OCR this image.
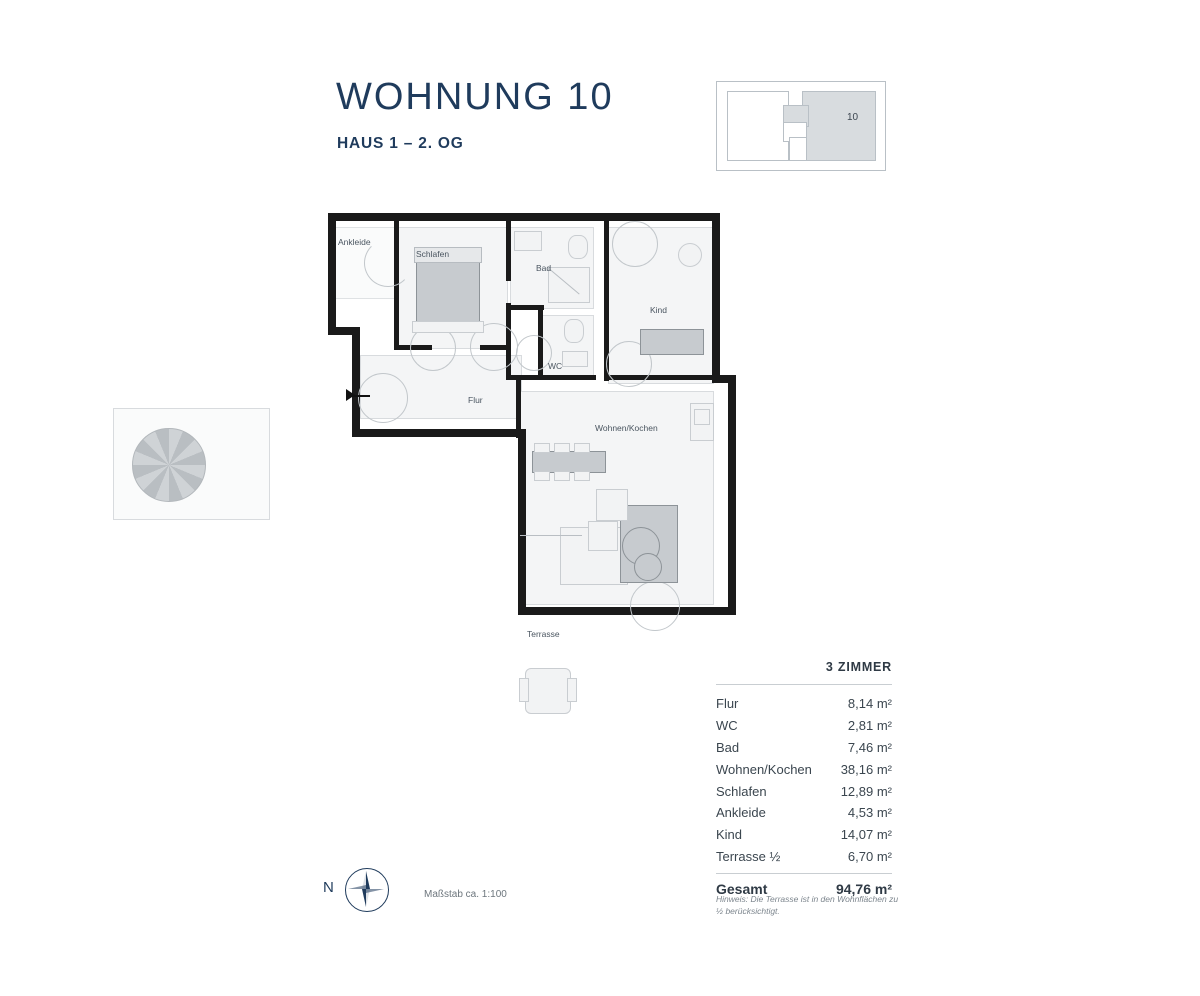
WOHNUNG 10
HAUS 1 – 2. OG
10
Ankleide
Schlafen
Bad
WC
Kind
Flur
Wohnen/Kochen
Terrasse
3 ZIMMER
Flur	8,14 m²
WC	2,81 m²
Bad	7,46 m²
Wohnen/Kochen	38,16 m²
Schlafen	12,89 m²
Ankleide	4,53 m²
Kind	14,07 m²
Terrasse ½	6,70 m²
Gesamt	94,76 m²
Hinweis: Die Terrasse ist in den Wohnflächen zu ½ berücksichtigt.
N	Maßstab ca. 1:100
